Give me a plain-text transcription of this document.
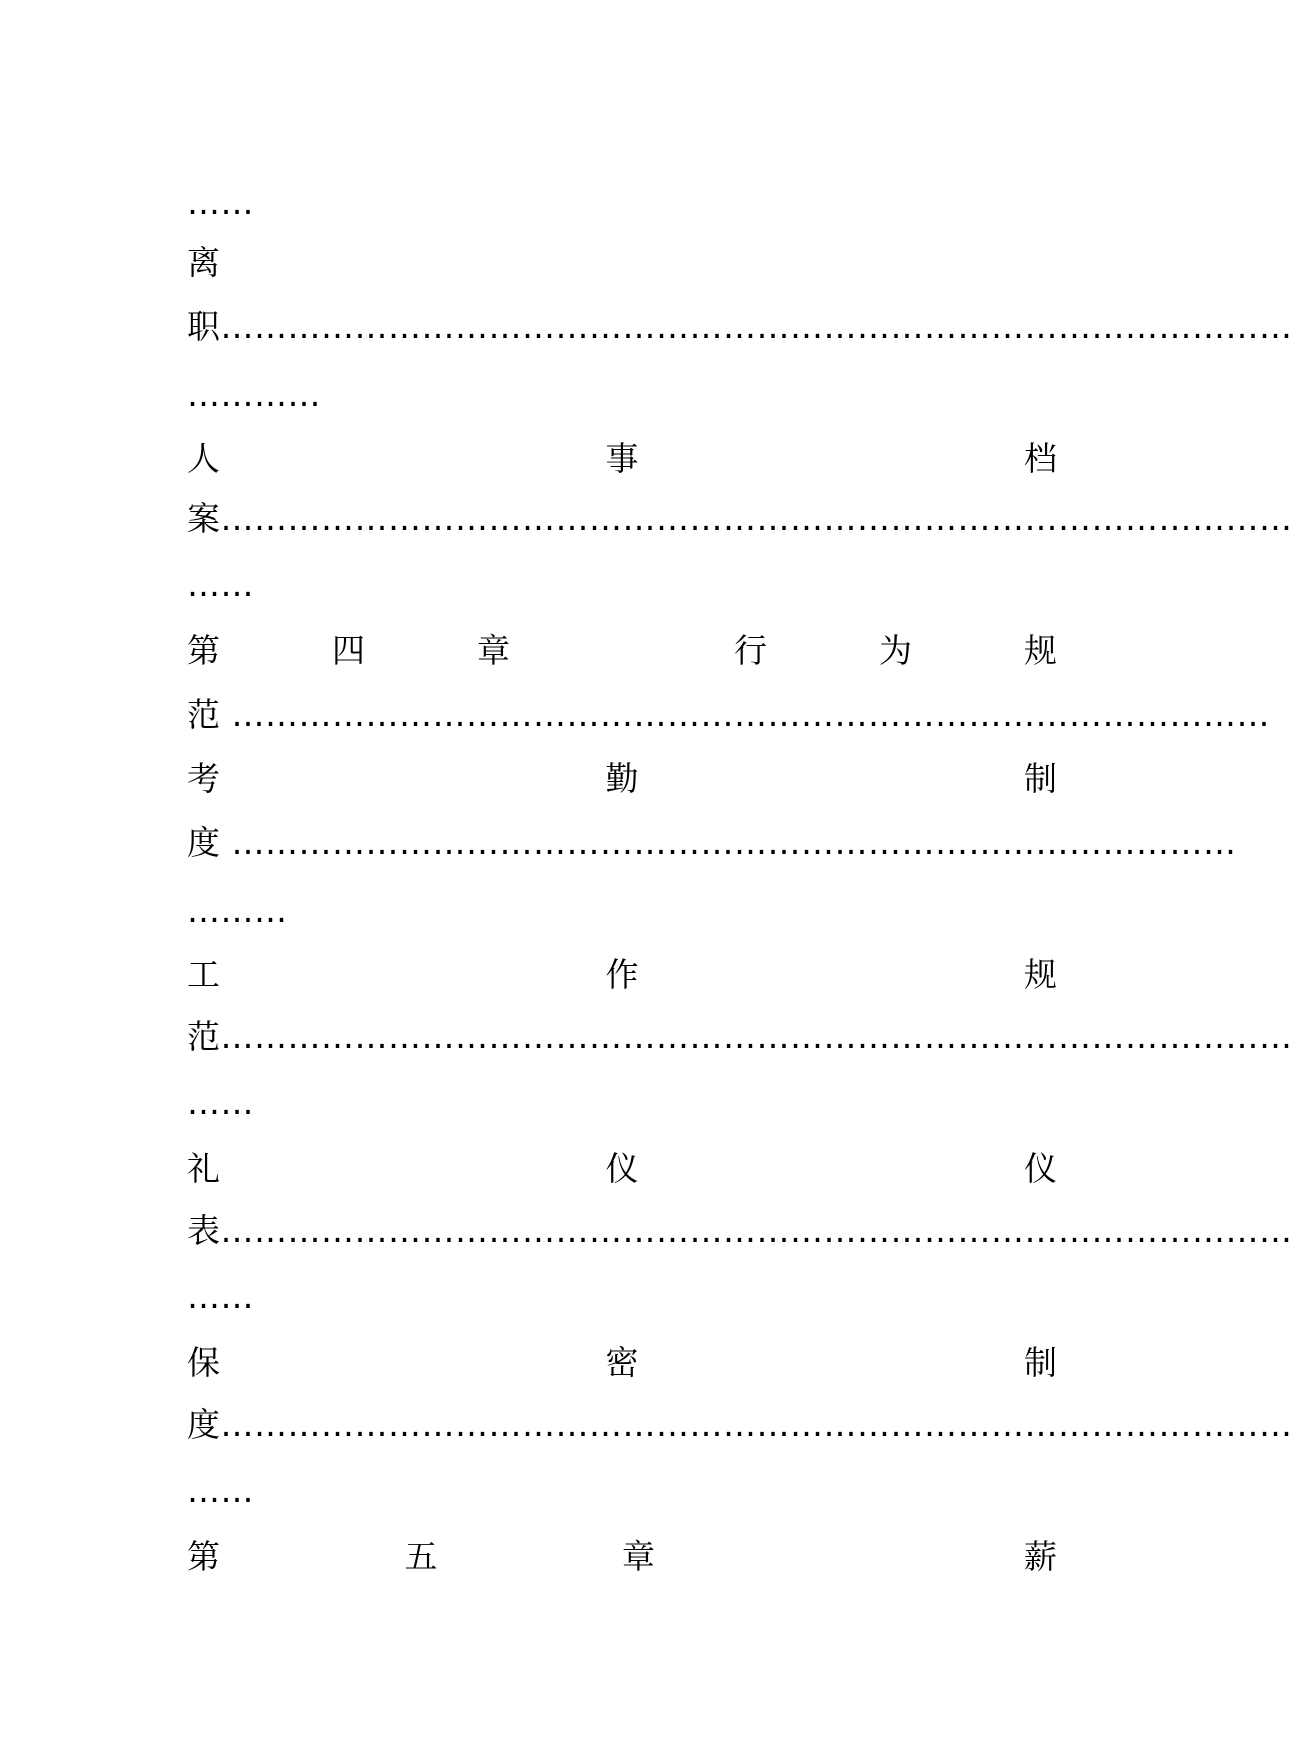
……
离
职……………………………………………………………………………………
…………
人	事	档
案……………………………………………………………………………………
……
第	四	章	行	为	规
范 …………………………………………………………………………………
考	勤	制
度 ………………………………………………………………………………
………
工	作	规
范……………………………………………………………………………………
……
礼	仪	仪
表……………………………………………………………………………………
……
保	密	制
度……………………………………………………………………………………
……
第	五	章	薪
